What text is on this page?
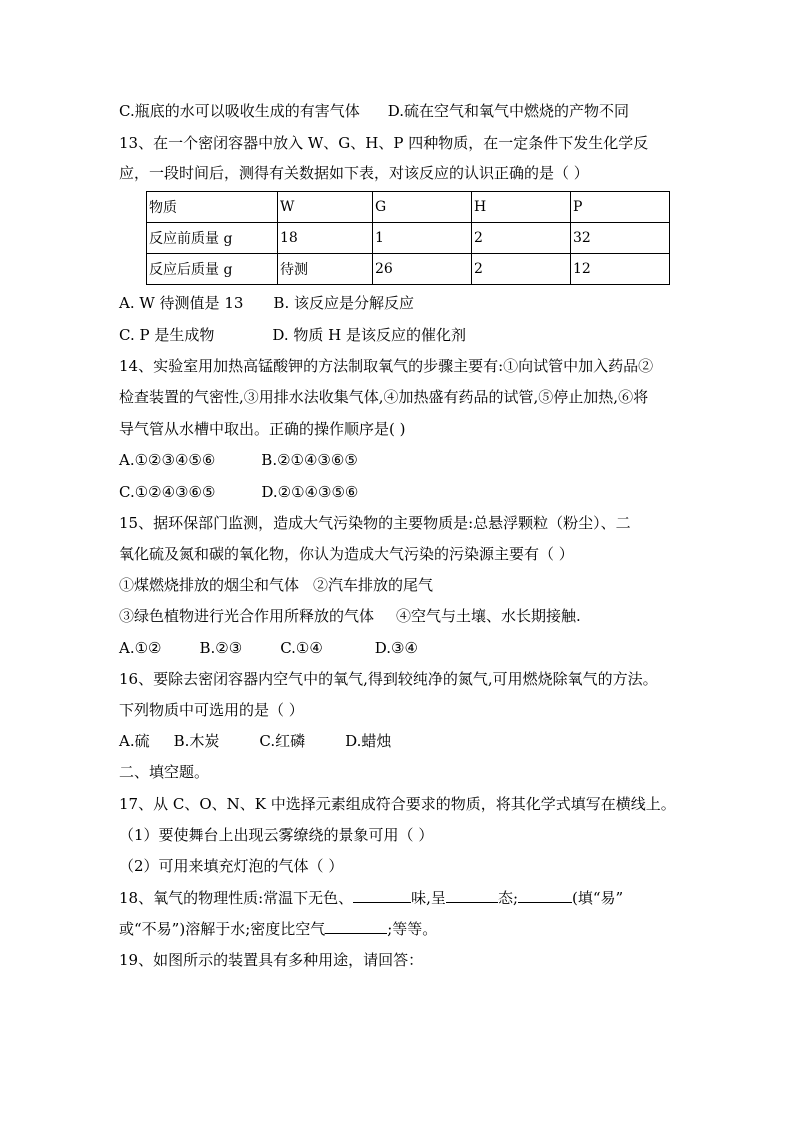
C.瓶底的水可以吸收生成的有害气体 D.硫在空气和氧气中燃烧的产物不同
13、在一个密闭容器中放入 W、G、H、P 四种物质，在一定条件下发生化学反
应，一段时间后，测得有关数据如下表，对该反应的认识正确的是（ ）
物质	W	G	H	P
反应前质量 g	18	1	2	32
反应后质量 g	待测	26	2	12
A. W 待测值是 13 B. 该反应是分解反应
C. P 是生成物	D. 物质 H 是该反应的催化剂
14、实验室用加热高锰酸钾的方法制取氧气的步骤主要有:①向试管中加入药品②
检查装置的气密性,③用排水法收集气体,④加热盛有药品的试管,⑤停止加热,⑥将
导气管从水槽中取出。正确的操作顺序是( )
A.①②③④⑤⑥	B.②①④③⑥⑤
C.①②④③⑥⑤	D.②①④③⑤⑥
15、据环保部门监测，造成大气污染物的主要物质是:总悬浮颗粒（粉尘）、二
氧化硫及氮和碳的氧化物，你认为造成大气污染的污染源主要有（ ）
①煤燃烧排放的烟尘和气体 ②汽车排放的尾气
③绿色植物进行光合作用所释放的气体 ④空气与土壤、水长期接触.
A.①②	B.②③	C.①④	D.③④
16、要除去密闭容器内空气中的氧气,得到较纯净的氮气,可用燃烧除氧气的方法。
下列物质中可选用的是（ ）
A.硫 B.木炭	C.红磷	D.蜡烛
二、填空题。
17、从 C、O、N、K 中选择元素组成符合要求的物质，将其化学式填写在横线上。
（1）要使舞台上出现云雾缭绕的景象可用（ ）
（2）可用来填充灯泡的气体（ ）
18、氧气的物理性质:常温下无色、	味,呈	态;	(填“易”
或“不易”)溶解于水;密度比空气	;等等。
19、如图所示的装置具有多种用途，请回答：
